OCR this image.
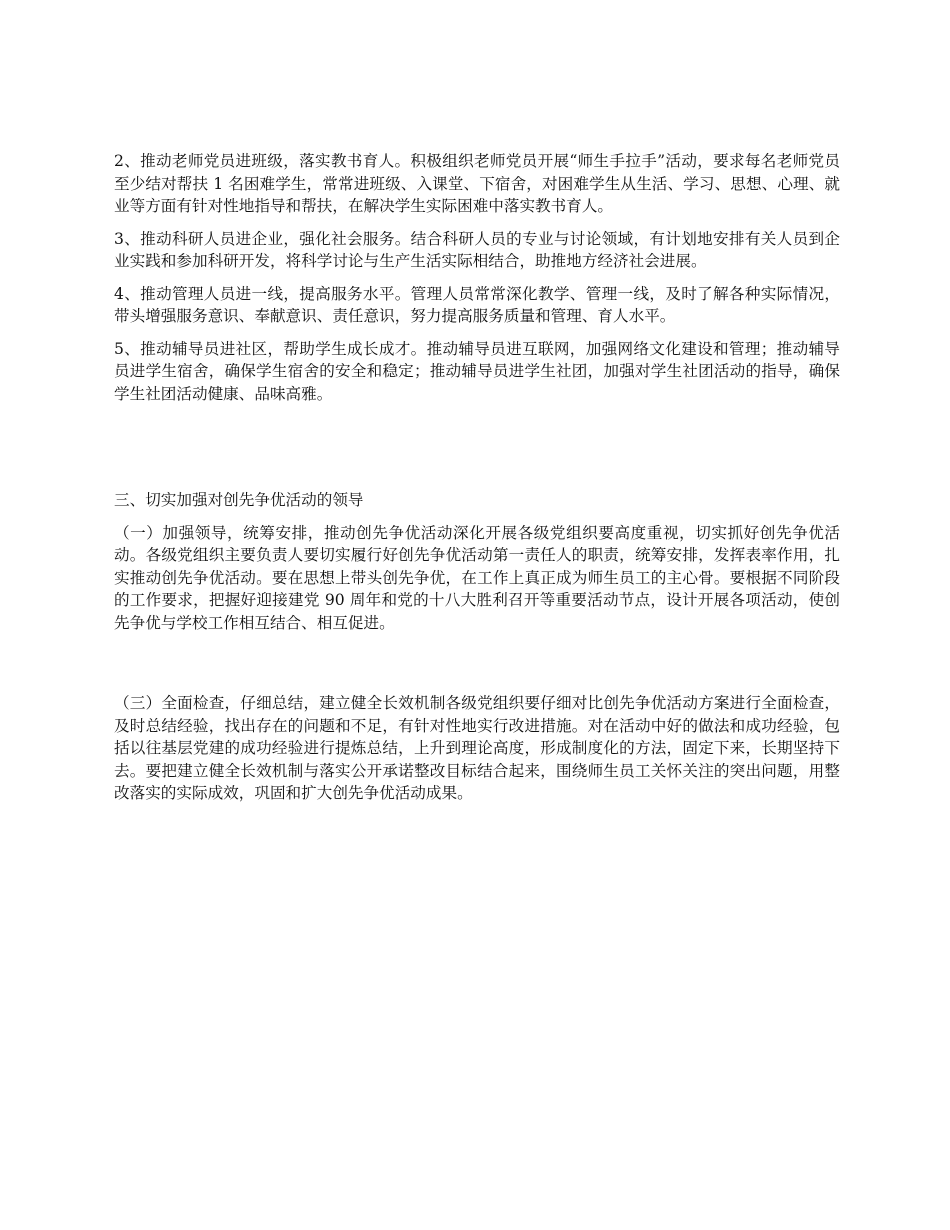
2、推动老师党员进班级，落实教书育人。积极组织老师党员开展“师生手拉手”活动，要求每名老师党员至少结对帮扶 1 名困难学生，常常进班级、入课堂、下宿舍，对困难学生从生活、学习、思想、心理、就业等方面有针对性地指导和帮扶，在解决学生实际困难中落实教书育人。

3、推动科研人员进企业，强化社会服务。结合科研人员的专业与讨论领域，有计划地安排有关人员到企业实践和参加科研开发，将科学讨论与生产生活实际相结合，助推地方经济社会进展。

4、推动管理人员进一线，提高服务水平。管理人员常常深化教学、管理一线，及时了解各种实际情况，带头增强服务意识、奉献意识、责任意识，努力提高服务质量和管理、育人水平。

5、推动辅导员进社区，帮助学生成长成才。推动辅导员进互联网，加强网络文化建设和管理；推动辅导员进学生宿舍，确保学生宿舍的安全和稳定；推动辅导员进学生社团，加强对学生社团活动的指导，确保学生社团活动健康、品味高雅。

三、切实加强对创先争优活动的领导

（一）加强领导，统筹安排，推动创先争优活动深化开展各级党组织要高度重视，切实抓好创先争优活动。各级党组织主要负责人要切实履行好创先争优活动第一责任人的职责，统筹安排，发挥表率作用，扎实推动创先争优活动。要在思想上带头创先争优，在工作上真正成为师生员工的主心骨。要根据不同阶段的工作要求，把握好迎接建党 90 周年和党的十八大胜利召开等重要活动节点，设计开展各项活动，使创先争优与学校工作相互结合、相互促进。

（三）全面检查，仔细总结，建立健全长效机制各级党组织要仔细对比创先争优活动方案进行全面检查，及时总结经验，找出存在的问题和不足，有针对性地实行改进措施。对在活动中好的做法和成功经验，包括以往基层党建的成功经验进行提炼总结，上升到理论高度，形成制度化的方法，固定下来，长期坚持下去。要把建立健全长效机制与落实公开承诺整改目标结合起来，围绕师生员工关怀关注的突出问题，用整改落实的实际成效，巩固和扩大创先争优活动成果。
